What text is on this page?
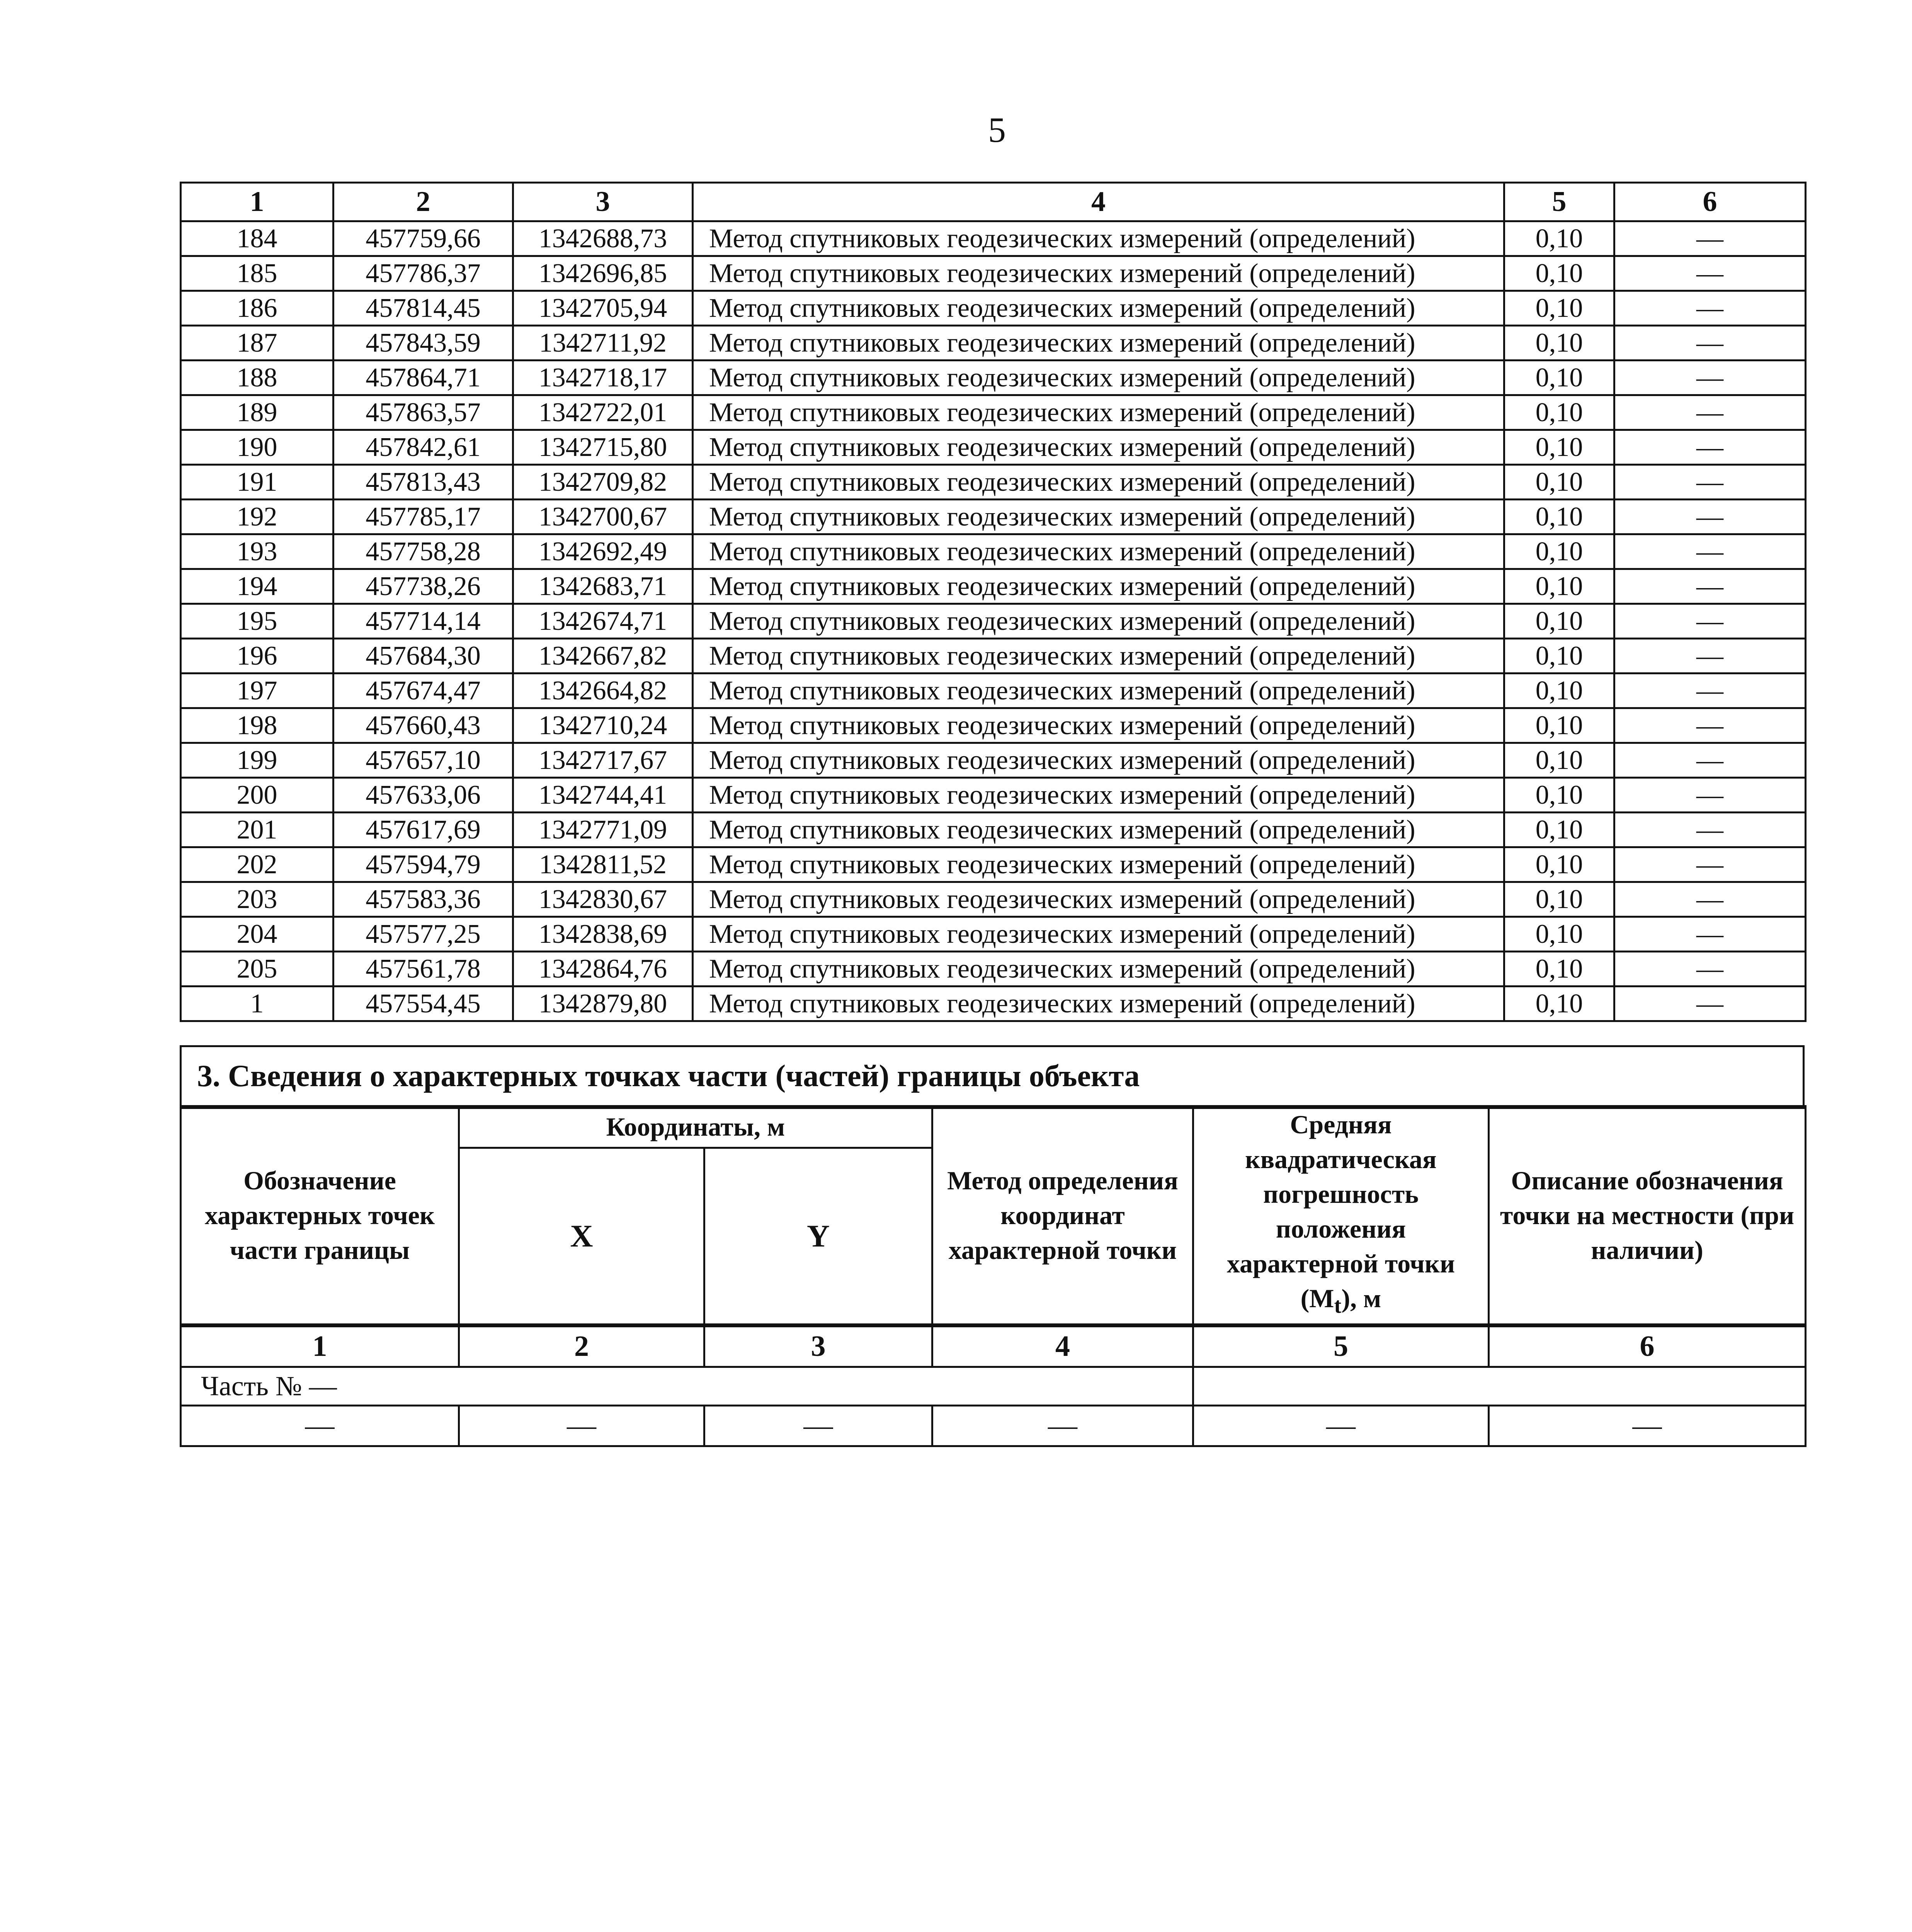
5
1	2	3	4	5	6
184	457759,66	1342688,73	Метод спутниковых геодезических измерений (определений)	0,10	—
185	457786,37	1342696,85	Метод спутниковых геодезических измерений (определений)	0,10	—
186	457814,45	1342705,94	Метод спутниковых геодезических измерений (определений)	0,10	—
187	457843,59	1342711,92	Метод спутниковых геодезических измерений (определений)	0,10	—
188	457864,71	1342718,17	Метод спутниковых геодезических измерений (определений)	0,10	—
189	457863,57	1342722,01	Метод спутниковых геодезических измерений (определений)	0,10	—
190	457842,61	1342715,80	Метод спутниковых геодезических измерений (определений)	0,10	—
191	457813,43	1342709,82	Метод спутниковых геодезических измерений (определений)	0,10	—
192	457785,17	1342700,67	Метод спутниковых геодезических измерений (определений)	0,10	—
193	457758,28	1342692,49	Метод спутниковых геодезических измерений (определений)	0,10	—
194	457738,26	1342683,71	Метод спутниковых геодезических измерений (определений)	0,10	—
195	457714,14	1342674,71	Метод спутниковых геодезических измерений (определений)	0,10	—
196	457684,30	1342667,82	Метод спутниковых геодезических измерений (определений)	0,10	—
197	457674,47	1342664,82	Метод спутниковых геодезических измерений (определений)	0,10	—
198	457660,43	1342710,24	Метод спутниковых геодезических измерений (определений)	0,10	—
199	457657,10	1342717,67	Метод спутниковых геодезических измерений (определений)	0,10	—
200	457633,06	1342744,41	Метод спутниковых геодезических измерений (определений)	0,10	—
201	457617,69	1342771,09	Метод спутниковых геодезических измерений (определений)	0,10	—
202	457594,79	1342811,52	Метод спутниковых геодезических измерений (определений)	0,10	—
203	457583,36	1342830,67	Метод спутниковых геодезических измерений (определений)	0,10	—
204	457577,25	1342838,69	Метод спутниковых геодезических измерений (определений)	0,10	—
205	457561,78	1342864,76	Метод спутниковых геодезических измерений (определений)	0,10	—
1	457554,45	1342879,80	Метод спутниковых геодезических измерений (определений)	0,10	—
3. Сведения о характерных точках части (частей) границы объекта
Обозначение характерных точек части границы	Координаты, м		Метод определения координат характерной точки	Средняя квадратическая погрешность положения характерной точки $(M_t)$, м	Описание обозначения точки на местности (при наличии)
	X	Y			
1	2	3	4	5	6
Часть № —					
—	—	—	—	—	—
